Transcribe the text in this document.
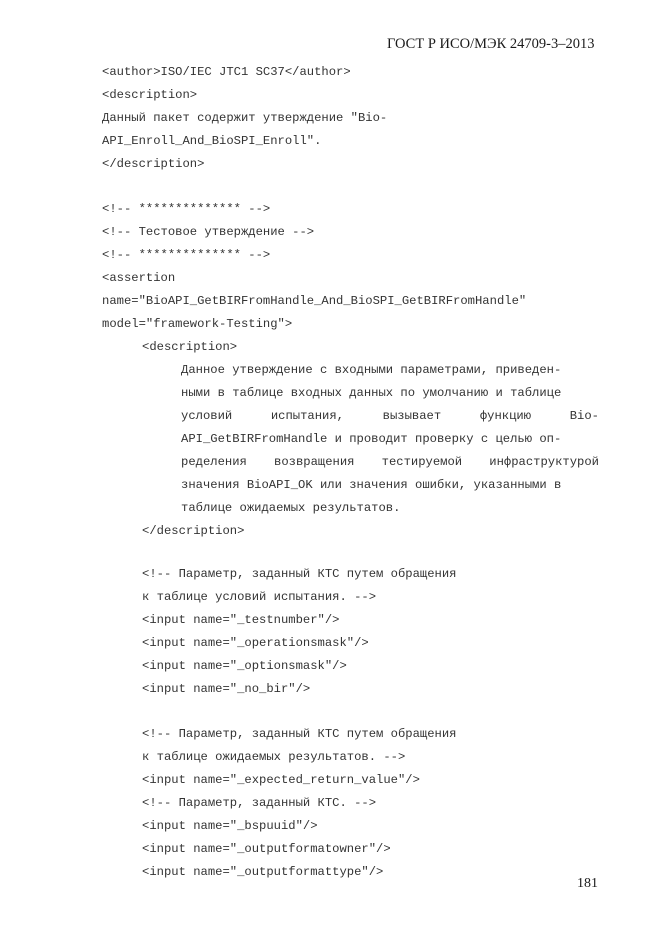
ГОСТ Р ИСО/МЭК 24709-3–2013
<author>ISO/IEC JTC1 SC37</author>
<description>
Данный пакет содержит утверждение "Bio-
API_Enroll_And_BioSPI_Enroll".
</description>
<!-- ************** -->
<!-- Тестовое утверждение -->
<!-- ************** -->
<assertion
name="BioAPI_GetBIRFromHandle_And_BioSPI_GetBIRFromHandle"
model="framework-Testing">
<description>
Данное утверждение с входными параметрами, приведен-
ными в таблице входных данных по умолчанию и таблице
условий	испытания,	вызывает	функцию	Bio-
API_GetBIRFromHandle и проводит проверку с целью оп-
ределения возвращения тестируемой инфраструктурой
значения BioAPI_OK или значения ошибки, указанными в
таблице ожидаемых результатов.
</description>
<!-- Параметр, заданный КТС путем обращения
к таблице условий испытания. -->
<input name="_testnumber"/>
<input name="_operationsmask"/>
<input name="_optionsmask"/>
<input name="_no_bir"/>
<!-- Параметр, заданный КТС путем обращения
к таблице ожидаемых результатов. -->
<input name="_expected_return_value"/>
<!-- Параметр, заданный КТС. -->
<input name="_bspuuid"/>
<input name="_outputformatowner"/>
<input name="_outputformattype"/>
181
